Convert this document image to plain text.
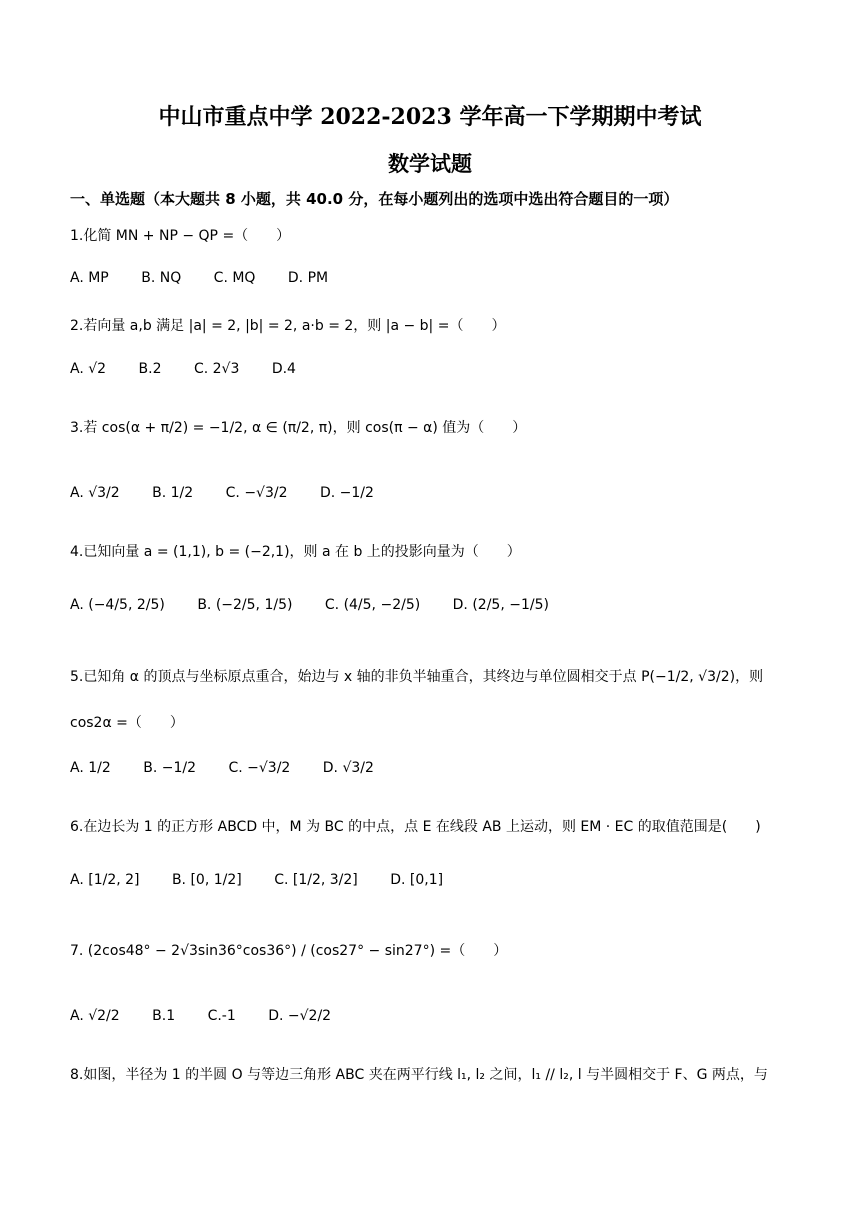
中山市重点中学 2022-2023 学年高一下学期期中考试
数学试题
一、单选题（本大题共 8 小题，共 40.0 分，在每小题列出的选项中选出符合题目的一项）
1.化简 MN + NP − QP =（　　）
A. MP B. NQ C. MQ D. PM
2.若向量 a,b 满足 |a| = 2, |b| = 2, a·b = 2，则 |a − b| =（　　）
A. √2 B.2 C. 2√3 D.4
3.若 cos(α + π/2) = −1/2, α ∈ (π/2, π)，则 cos(π − α) 值为（　　）
A. √3/2 B. 1/2 C. −√3/2 D. −1/2
4.已知向量 a = (1,1), b = (−2,1)，则 a 在 b 上的投影向量为（　　）
A. (−4/5, 2/5) B. (−2/5, 1/5) C. (4/5, −2/5) D. (2/5, −1/5)
5.已知角 α 的顶点与坐标原点重合，始边与 x 轴的非负半轴重合，其终边与单位圆相交于点 P(−1/2, √3/2)，则
cos2α =（　　）
A. 1/2 B. −1/2 C. −√3/2 D. √3/2
6.在边长为 1 的正方形 ABCD 中，M 为 BC 的中点，点 E 在线段 AB 上运动，则 EM · EC 的取值范围是(　　)
A. [1/2, 2] B. [0, 1/2] C. [1/2, 3/2] D. [0,1]
7. (2cos48° − 2√3sin36°cos36°) / (cos27° − sin27°) =（　　）
A. √2/2 B.1 C.-1 D. −√2/2
8.如图，半径为 1 的半圆 O 与等边三角形 ABC 夹在两平行线 l₁, l₂ 之间，l₁ // l₂, l 与半圆相交于 F、G 两点，与
